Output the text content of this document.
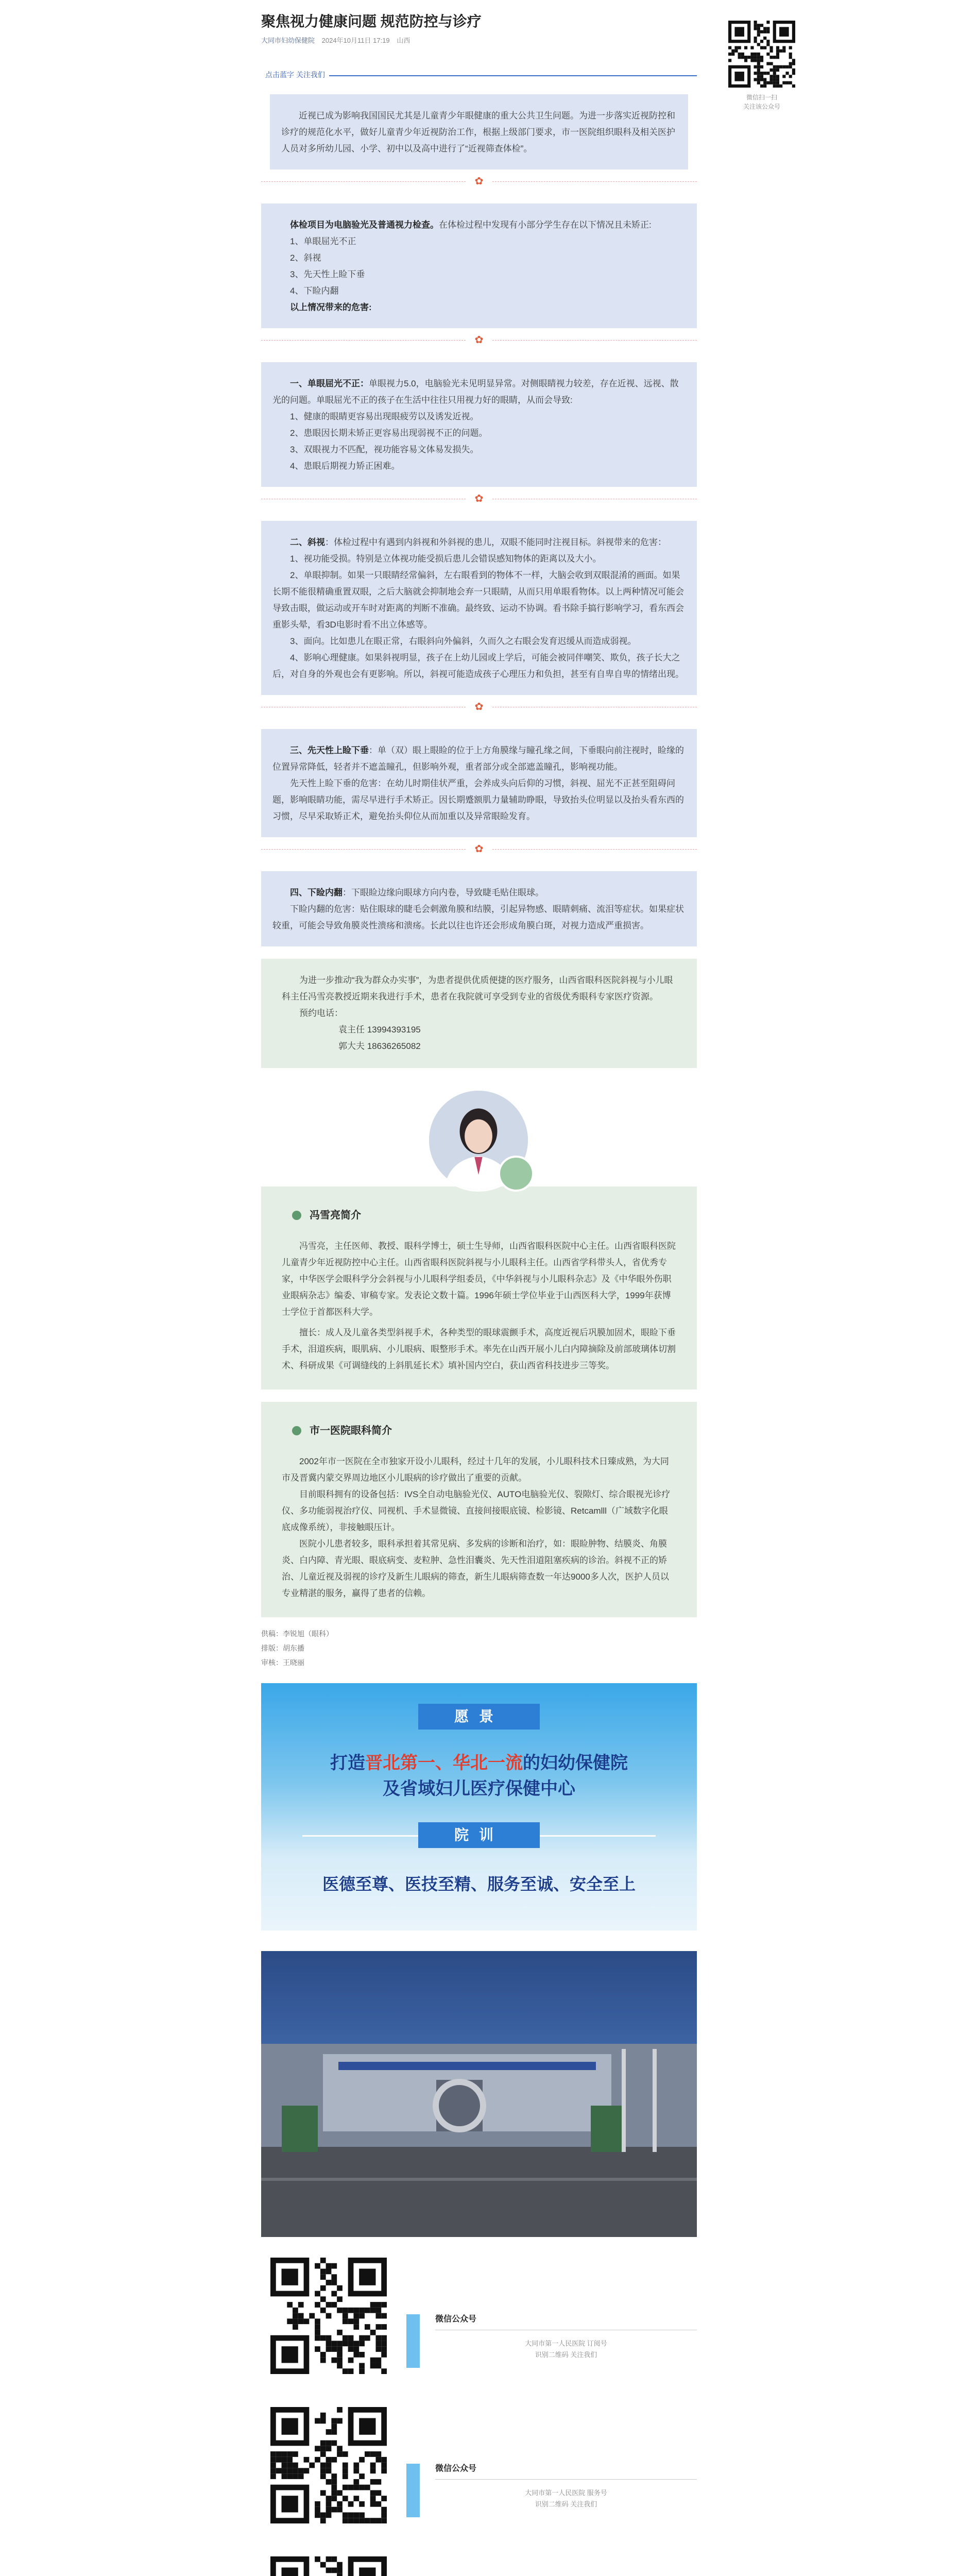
聚焦视力健康问题 规范防控与诊疗
大同市妇幼保健院 2024年10月11日 17:19 山西
点击蓝字 关注我们

近视已成为影响我国国民尤其是儿童青少年眼健康的重大公共卫生问题。为进一步落实近视防控和诊疗的规范化水平，做好儿童青少年近视防治工作，根据上级部门要求，市一医院组织眼科及相关医护人员对多所幼儿园、小学、初中以及高中进行了“近视筛查体检”。

✿

体检项目为电脑验光及普通视力检查。在体检过程中发现有小部分学生存在以下情况且未矫正:

1、单眼屈光不正
2、斜视
3、先天性上睑下垂
4、下睑内翻

以上情况带来的危害:

✿

一、单眼屈光不正：单眼视力5.0，电脑验光未见明显异常。对侧眼睛视力较差，存在近视、远视、散光的问题。单眼屈光不正的孩子在生活中往往只用视力好的眼睛，从而会导致:

1、健康的眼睛更容易出现眼疲劳以及诱发近视。
2、患眼因长期未矫正更容易出现弱视不正的问题。
3、双眼视力不匹配，视功能容易文体易发损失。
4、患眼后期视力矫正困难。
✿

二、斜视：体检过程中有遇到内斜视和外斜视的患儿，双眼不能同时注视目标。斜视带来的危害：

1、视功能受损。特别是立体视功能受损后患儿会错误感知物体的距离以及大小。

2、单眼抑制。如果一只眼睛经常偏斜，左右眼看到的物体不一样，大脑会收到双眼混淆的画面。如果长期不能很精确重置双眼，之后大脑就会抑制地会弃一只眼睛，从而只用单眼看物体。以上两种情况可能会导致击眼，做运动或开车时对距离的判断不准确。最终致、运动不协调。看书除手搞行影响学习，看东西会重影头晕，看3D电影时看不出立体感等。

3、面向。比如患儿在眼正常，右眼斜向外偏斜，久而久之右眼会发育迟缓从而造成弱视。

4、影响心理健康。如果斜视明显，孩子在上幼儿园或上学后，可能会被同伴嘲笑、欺负，孩子长大之后，对自身的外观也会有更影响。所以，斜视可能造成孩子心理压力和负担，甚至有自卑自卑的情绪出现。

✿

三、先天性上睑下垂：单（双）眼上眼睑的位于上方角膜缘与瞳孔缘之间，下垂眼向前注视时，睑缘的位置异常降低，轻者并不遮盖瞳孔，但影响外观，重者部分或全部遮盖瞳孔，影响视功能。

先天性上睑下垂的危害：在幼儿时期佳状严重，会养成头向后仰的习惯，斜视、屈光不正甚至阻碍问题，影响眼睛功能，需尽早进行手术矫正。因长期蹙额肌力量辅助睁眼，导致抬头位明显以及抬头看东西的习惯，尽早采取矫正术，避免抬头仰位从而加重以及异常眼睑发育。

✿

四、下睑内翻：下眼睑边缘向眼球方向内卷，导致睫毛贴住眼球。

下睑内翻的危害：贴住眼球的睫毛会刺激角膜和结膜，引起异物感、眼睛刺痛、流泪等症状。如果症状较重，可能会导致角膜炎性溃疡和溃疡。长此以往也许还会形成角膜白斑，对视力造成严重损害。

为进一步推动“我为群众办实事”，为患者提供优质便捷的医疗服务，山西省眼科医院斜视与小儿眼科主任冯雪亮教授近期来我进行手术，患者在我院就可享受到专业的省级优秀眼科专家医疗资源。

预约电话：

袁主任 13994393195

郭大夫 18636265082

冯雪亮简介

冯雪亮，主任医师、教授、眼科学博士，硕士生导师，山西省眼科医院中心主任。山西省眼科医院儿童青少年近视防控中心主任。山西省眼科医院斜视与小儿眼科主任。山西省学科带头人，省优秀专家，中华医学会眼科学分会斜视与小儿眼科学组委员，《中华斜视与小儿眼科杂志》及《中华眼外伤职业眼病杂志》编委、审稿专家。发表论文数十篇。1996年硕士学位毕业于山西医科大学，1999年获博士学位于首都医科大学。

擅长：成人及儿童各类型斜视手术，各种类型的眼球震颤手术，高度近视后巩膜加固术，眼睑下垂手术，泪道疾病，眼肌病、小儿眼病、眼整形手术。率先在山西开展小儿白内障摘除及前部玻璃体切割术、科研成果《可调缝线的上斜肌延长术》填补国内空白，获山西省科技进步三等奖。

市一医院眼科简介

2002年市一医院在全市独家开设小儿眼科，经过十几年的发展，小儿眼科技术日臻成熟，为大同市及晋冀内蒙交界周边地区小儿眼病的诊疗做出了重要的贡献。

目前眼科拥有的设备包括：IVS全自动电脑验光仪、AUTO电脑验光仪、裂隙灯、综合眼视光诊疗仪、多功能弱视治疗仪、同视机、手术显微镜、直接间接眼底镜、检影镜、Retcamlll（广域数字化眼底成像系统），非接触眼压计。

医院小儿患者较多，眼科承担着其常见病、多发病的诊断和治疗，如：眼睑肿物、结膜炎、角膜炎、白内障、青光眼、眼底病变、麦粒肿、急性泪囊炎、先天性泪道阻塞疾病的诊治。斜视不正的矫治、儿童近视及弱视的诊疗及新生儿眼病的筛查，新生儿眼病筛查数一年达9000多人次，医护人员以专业精湛的服务，赢得了患者的信赖。

供稿：李锐旭（眼科）
排版：胡东播
审核：王晓丽
愿景
打造晋北第一、华北一流的妇幼保健院
及省域妇儿医疗保健中心
院训
医德至尊、医技至精、服务至诚、安全至上
微信公众号
大同市第一人民医院 订阅号
识别二维码 关注我们
微信公众号
大同市第一人民医院 服务号
识别二维码 关注我们
微信扫一扫
关注该公众号
